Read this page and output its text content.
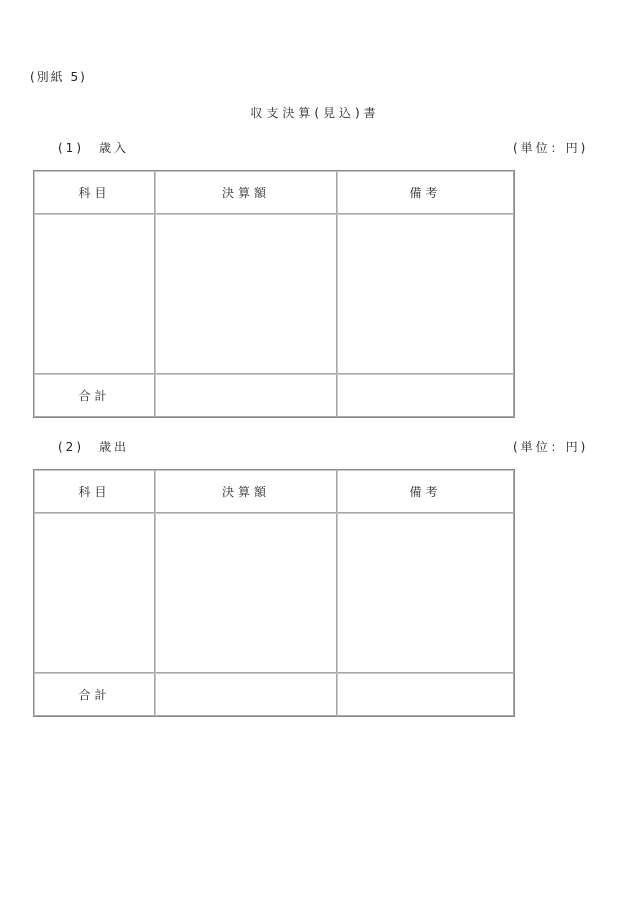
(別紙 5)
収支決算(見込)書
(1)　歳入	(単位：円)
科目	決算額	備考

合計		
(2)　歳出	(単位：円)
科目	決算額	備考

合計		
